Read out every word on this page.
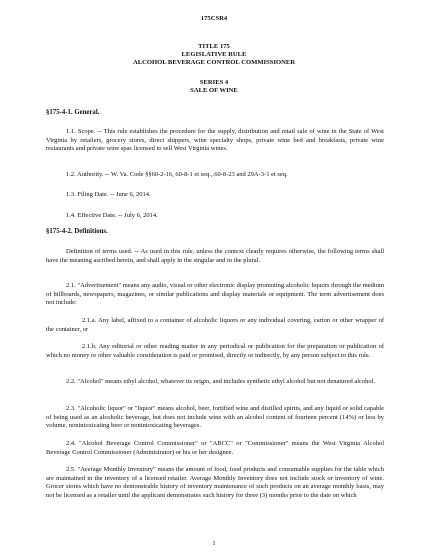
175CSR4
TITLE 175
LEGISLATIVE RULE
ALCOHOL BEVERAGE CONTROL COMMISSIONER
SERIES 4
SALE OF WINE
§175-4-1. General.
1.1. Scope. -- This rule establishes the procedure for the supply, distribution and retail sale of wine in the State of West Virginia by retailers, grocery stores, direct shippers, wine specialty shops, private wine bed and breakfasts, private wine restaurants and private wine spas licensed to sell West Virginia wines.
1.2. Authority. -- W. Va. Code §§60-2-16, 60-8-1 et seq.,.60-8-23 and 29A-3-1 et seq.
1.3. Filing Date. -- June 6, 2014.
1.4. Effective Date. -- July 6, 2014.
§175-4-2. Definitions.
Definition of terms used. -- As used in this rule, unless the context clearly requires otherwise, the following terms shall have the meaning ascribed herein, and shall apply in the singular and in the plural.
2.1. "Advertisement" means any audio, visual or other electronic display promoting alcoholic liquors through the medium of billboards, newspapers, magazines, or similar publications and display materials or equipment. The term advertisement does not include:
2.1.a. Any label, affixed to a container of alcoholic liquors or any individual covering, carton or other wrapper of the container, or
2.1.b. Any editorial or other reading matter in any periodical or publication for the preparation or publication of which no money or other valuable consideration is paid or promised, directly or indirectly, by any person subject to this rule.
2.2. "Alcohol" means ethyl alcohol, whatever its origin, and includes synthetic ethyl alcohol but not denatured alcohol.
2.3. "Alcoholic liquor" or "liquor" means alcohol, beer, fortified wine and distilled spirits, and any liquid or solid capable of being used as an alcoholic beverage, but does not include wine with an alcohol content of fourteen percent (14%) or less by volume, nonintoxicating beer or nonintoxicating beverages.
2.4. "Alcohol Beverage Control Commissioner" or "ABCC" or "Commissioner" means the West Virginia Alcohol Beverage Control Commissioner (Administrator) or his or her designee.
2.5. "Average Monthly Inventory" means the amount of food, food products and consumable supplies for the table which are maintained in the inventory of a licensed retailer. Average Monthly Inventory does not include stock or inventory of wine. Grocer stores which have no demonstrable history of inventory maintenance of such products on an average monthly basis, may not be licensed as a retailer until the applicant demonstrates such history for three (3) months prior to the date on which
1
